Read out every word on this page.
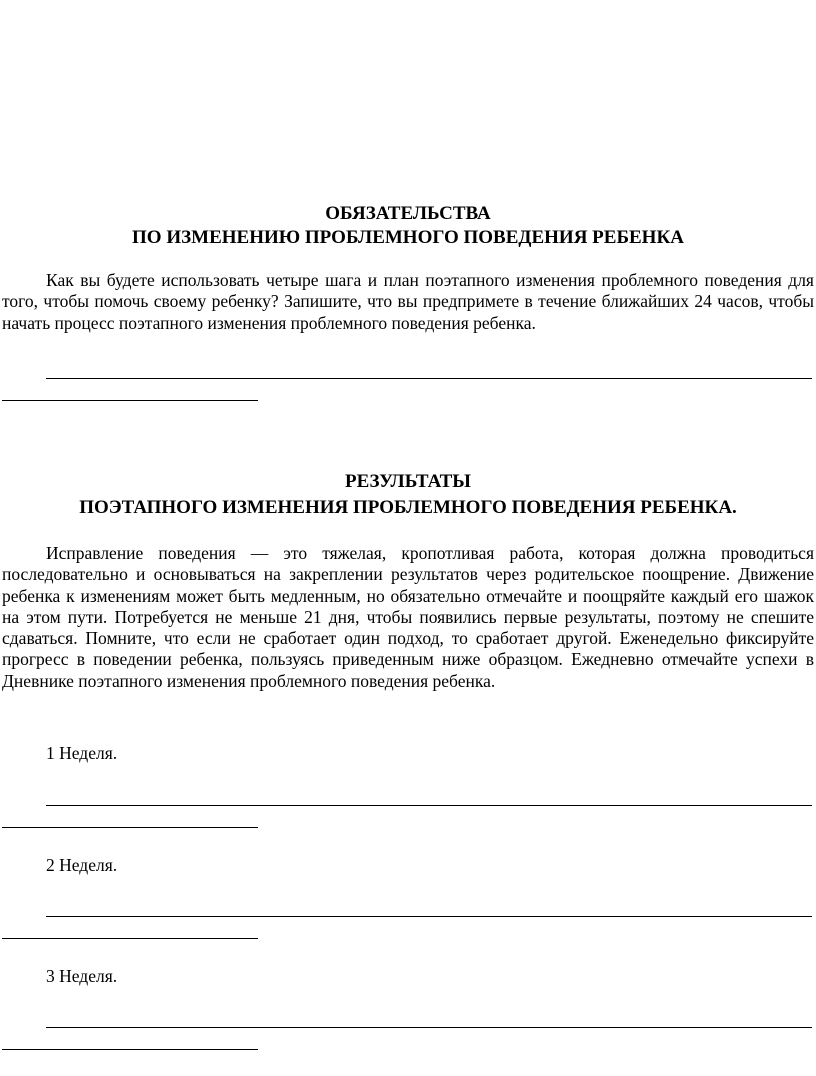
ОБЯЗАТЕЛЬСТВА

ПО ИЗМЕНЕНИЮ ПРОБЛЕМНОГО ПОВЕДЕНИЯ РЕБЕНКА

Как вы будете использовать четыре шага и план поэтапного изменения проблемного поведения для того, чтобы помочь своему ребенку? Запишите, что вы предпримете в течение ближайших 24 часов, чтобы начать процесс поэтапного изменения проблемного поведения ребенка.

РЕЗУЛЬТАТЫ

ПОЭТАПНОГО ИЗМЕНЕНИЯ ПРОБЛЕМНОГО ПОВЕДЕНИЯ РЕБЕНКА.

Исправление поведения — это тяжелая, кропотливая работа, которая должна проводиться последовательно и основываться на закреплении результатов через родительское поощрение. Движение ребенка к изменениям может быть медленным, но обязательно отмечайте и поощряйте каждый его шажок на этом пути. Потребуется не меньше 21 дня, чтобы появились первые результаты, поэтому не спешите сдаваться. Помните, что если не сработает один подход, то сработает другой. Еженедельно фиксируйте прогресс в поведении ребенка, пользуясь приведенным ниже образцом. Ежедневно отмечайте успехи в Дневнике поэтапного изменения проблемного поведения ребенка.

1 Неделя.

2 Неделя.

3 Неделя.
